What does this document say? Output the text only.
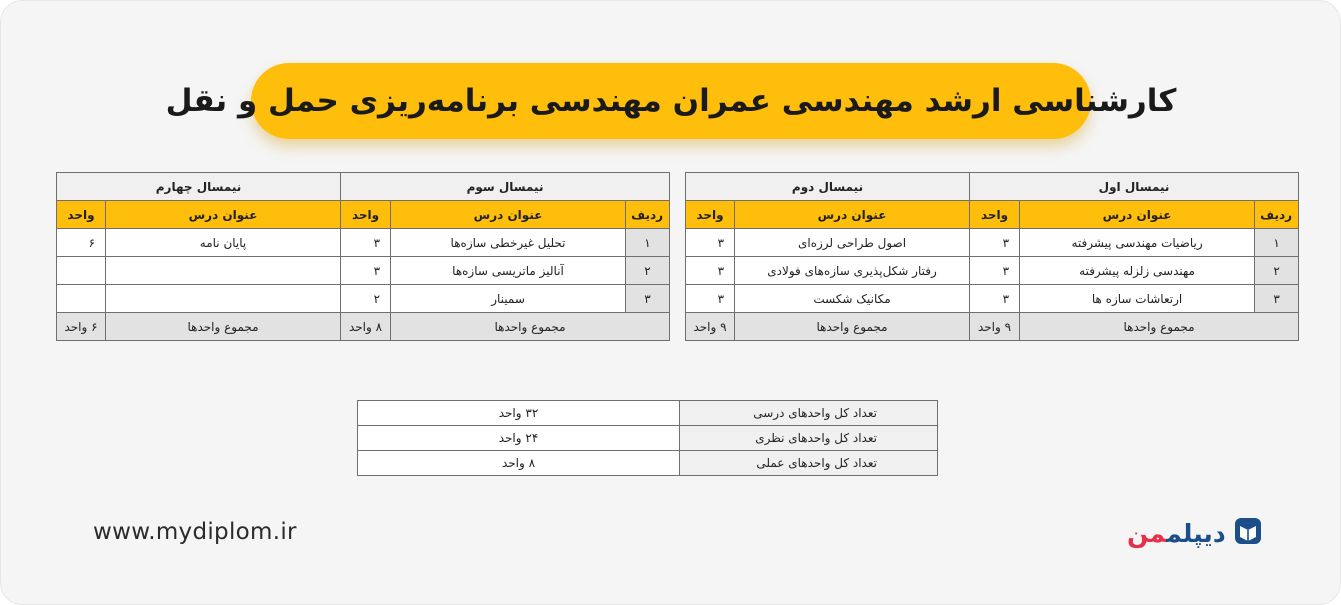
کارشناسی ارشد مهندسی عمران مهندسی برنامه‌ریزی حمل و نقل
نیمسال اول			نیمسال دوم	
ردیف	عنوان درس	واحد	عنوان درس	واحد
۱	ریاضیات مهندسی پیشرفته	۳	اصول طراحی لرزه‌ای	۳
۲	مهندسی زلزله پیشرفته	۳	رفتار شکل‌پذیری سازه‌های فولادی	۳
۳	ارتعاشات سازه ها	۳	مکانیک شکست	۳
مجموع واحدها		۹ واحد	مجموع واحدها	۹ واحد
نیمسال سوم			نیمسال چهارم	
ردیف	عنوان درس	واحد	عنوان درس	واحد
۱	تحلیل غیرخطی سازه‌ها	۳	پایان نامه	۶
۲	آنالیز ماتریسی سازه‌ها	۳		
۳	سمینار	۲		
مجموع واحدها		۸ واحد	مجموع واحدها	۶ واحد
تعداد کل واحدهای درسی	۳۲ واحد
تعداد کل واحدهای نظری	۲۴ واحد
تعداد کل واحدهای عملی	۸ واحد
www.mydiplom.ir	دیپلممن
